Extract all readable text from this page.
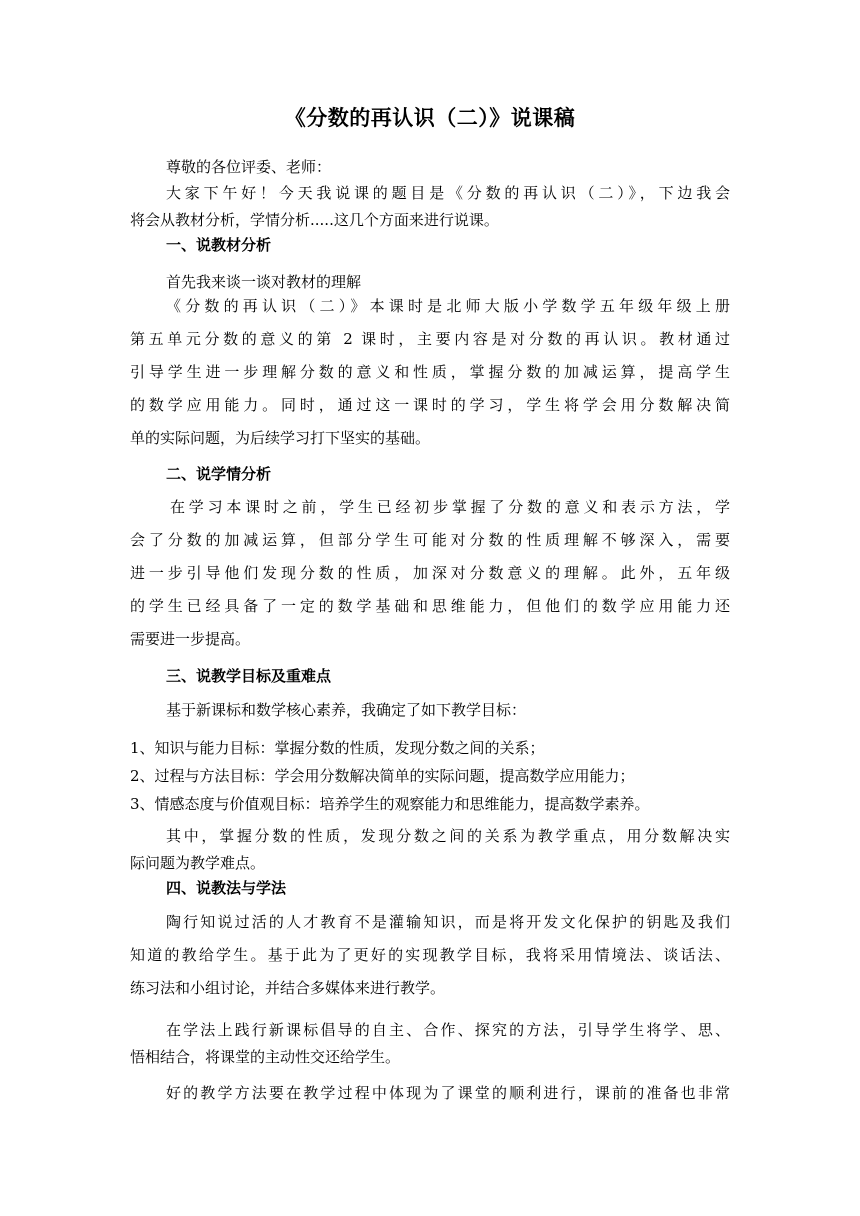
《分数的再认识（二）》说课稿
尊敬的各位评委、老师：
大家下午好！今天我说课的题目是《分数的再认识（二）》，下边我会
将会从教材分析，学情分析.....这几个方面来进行说课。
一、说教材分析
首先我来谈一谈对教材的理解
《分数的再认识（二）》本课时是北师大版小学数学五年级年级上册
第五单元分数的意义的第 2 课时，主要内容是对分数的再认识。教材通过
引导学生进一步理解分数的意义和性质，掌握分数的加减运算，提高学生
的数学应用能力。同时，通过这一课时的学习，学生将学会用分数解决简
单的实际问题，为后续学习打下坚实的基础。
二、说学情分析
在学习本课时之前，学生已经初步掌握了分数的意义和表示方法，学
会了分数的加减运算，但部分学生可能对分数的性质理解不够深入，需要
进一步引导他们发现分数的性质，加深对分数意义的理解。此外，五年级
的学生已经具备了一定的数学基础和思维能力，但他们的数学应用能力还
需要进一步提高。
三、说教学目标及重难点
基于新课标和数学核心素养，我确定了如下教学目标：
1、知识与能力目标：掌握分数的性质，发现分数之间的关系；
2、过程与方法目标：学会用分数解决简单的实际问题，提高数学应用能力；
3、情感态度与价值观目标：培养学生的观察能力和思维能力，提高数学素养。
其中，掌握分数的性质，发现分数之间的关系为教学重点，用分数解决实
际问题为教学难点。
四、说教法与学法
陶行知说过活的人才教育不是灌输知识，而是将开发文化保护的钥匙及我们
知道的教给学生。基于此为了更好的实现教学目标，我将采用情境法、谈话法、
练习法和小组讨论，并结合多媒体来进行教学。
在学法上践行新课标倡导的自主、合作、探究的方法，引导学生将学、思、
悟相结合，将课堂的主动性交还给学生。
好的教学方法要在教学过程中体现为了课堂的顺利进行，课前的准备也非常
